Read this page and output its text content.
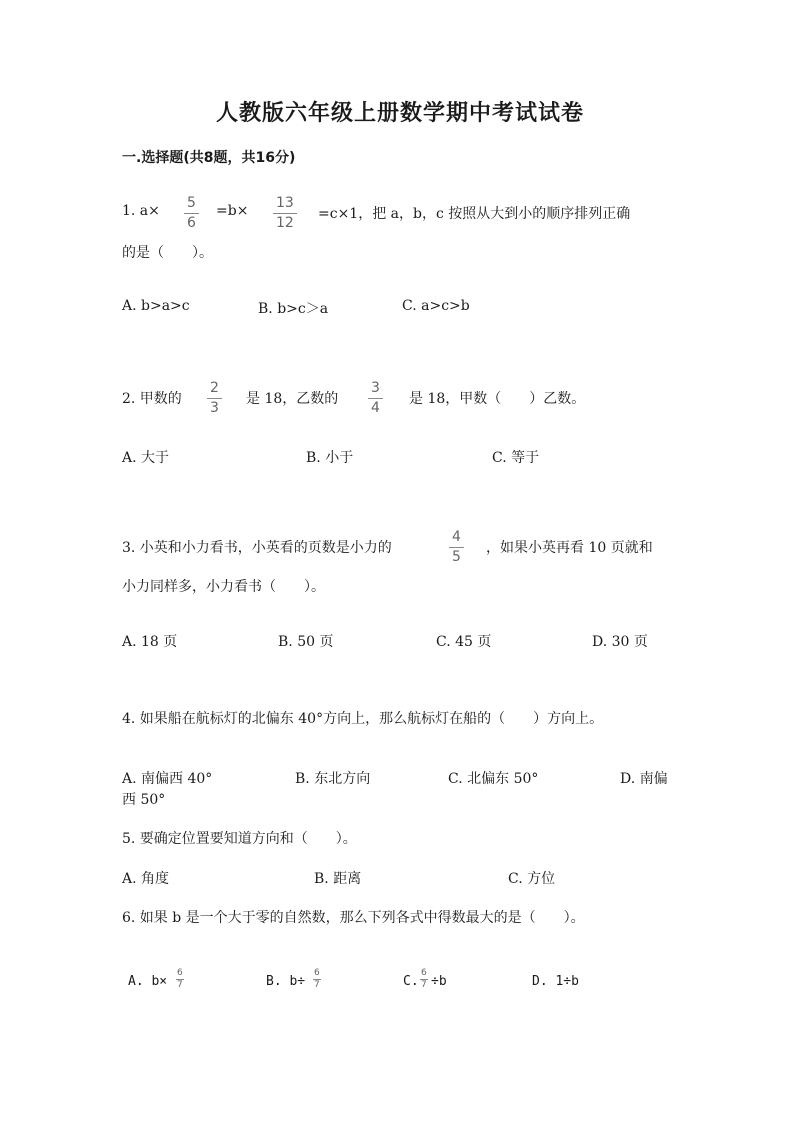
人教版六年级上册数学期中考试试卷
一.选择题(共8题，共16分)
1. a× 5
6
=b× 13
12
=c×1，把 a，b，c 按照从大到小的顺序排列正确
的是（　　）。
A. b>a>c	B. b>c＞a	C. a>c>b
2. 甲数的
2
3
是 18，乙数的
3
4
是 18，甲数（　　）乙数。
A. 大于	B. 小于	C. 等于
3. 小英和小力看书，小英看的页数是小力的
4
5
，如果小英再看 10 页就和
小力同样多，小力看书（　　）。
A. 18 页	B. 50 页	C. 45 页	D. 30 页
4. 如果船在航标灯的北偏东 40°方向上，那么航标灯在船的（　　）方向上。
A. 南偏西 40°	B. 东北方向	C. 北偏东 50°	D. 南偏
西 50°
5. 要确定位置要知道方向和（　　）。
A. 角度	B. 距离	C. 方位
6. 如果 b 是一个大于零的自然数，那么下列各式中得数最大的是（　　）。
A. b×
6
7	B. b÷
6
7	C.
6
7 ÷b	D. 1÷b
